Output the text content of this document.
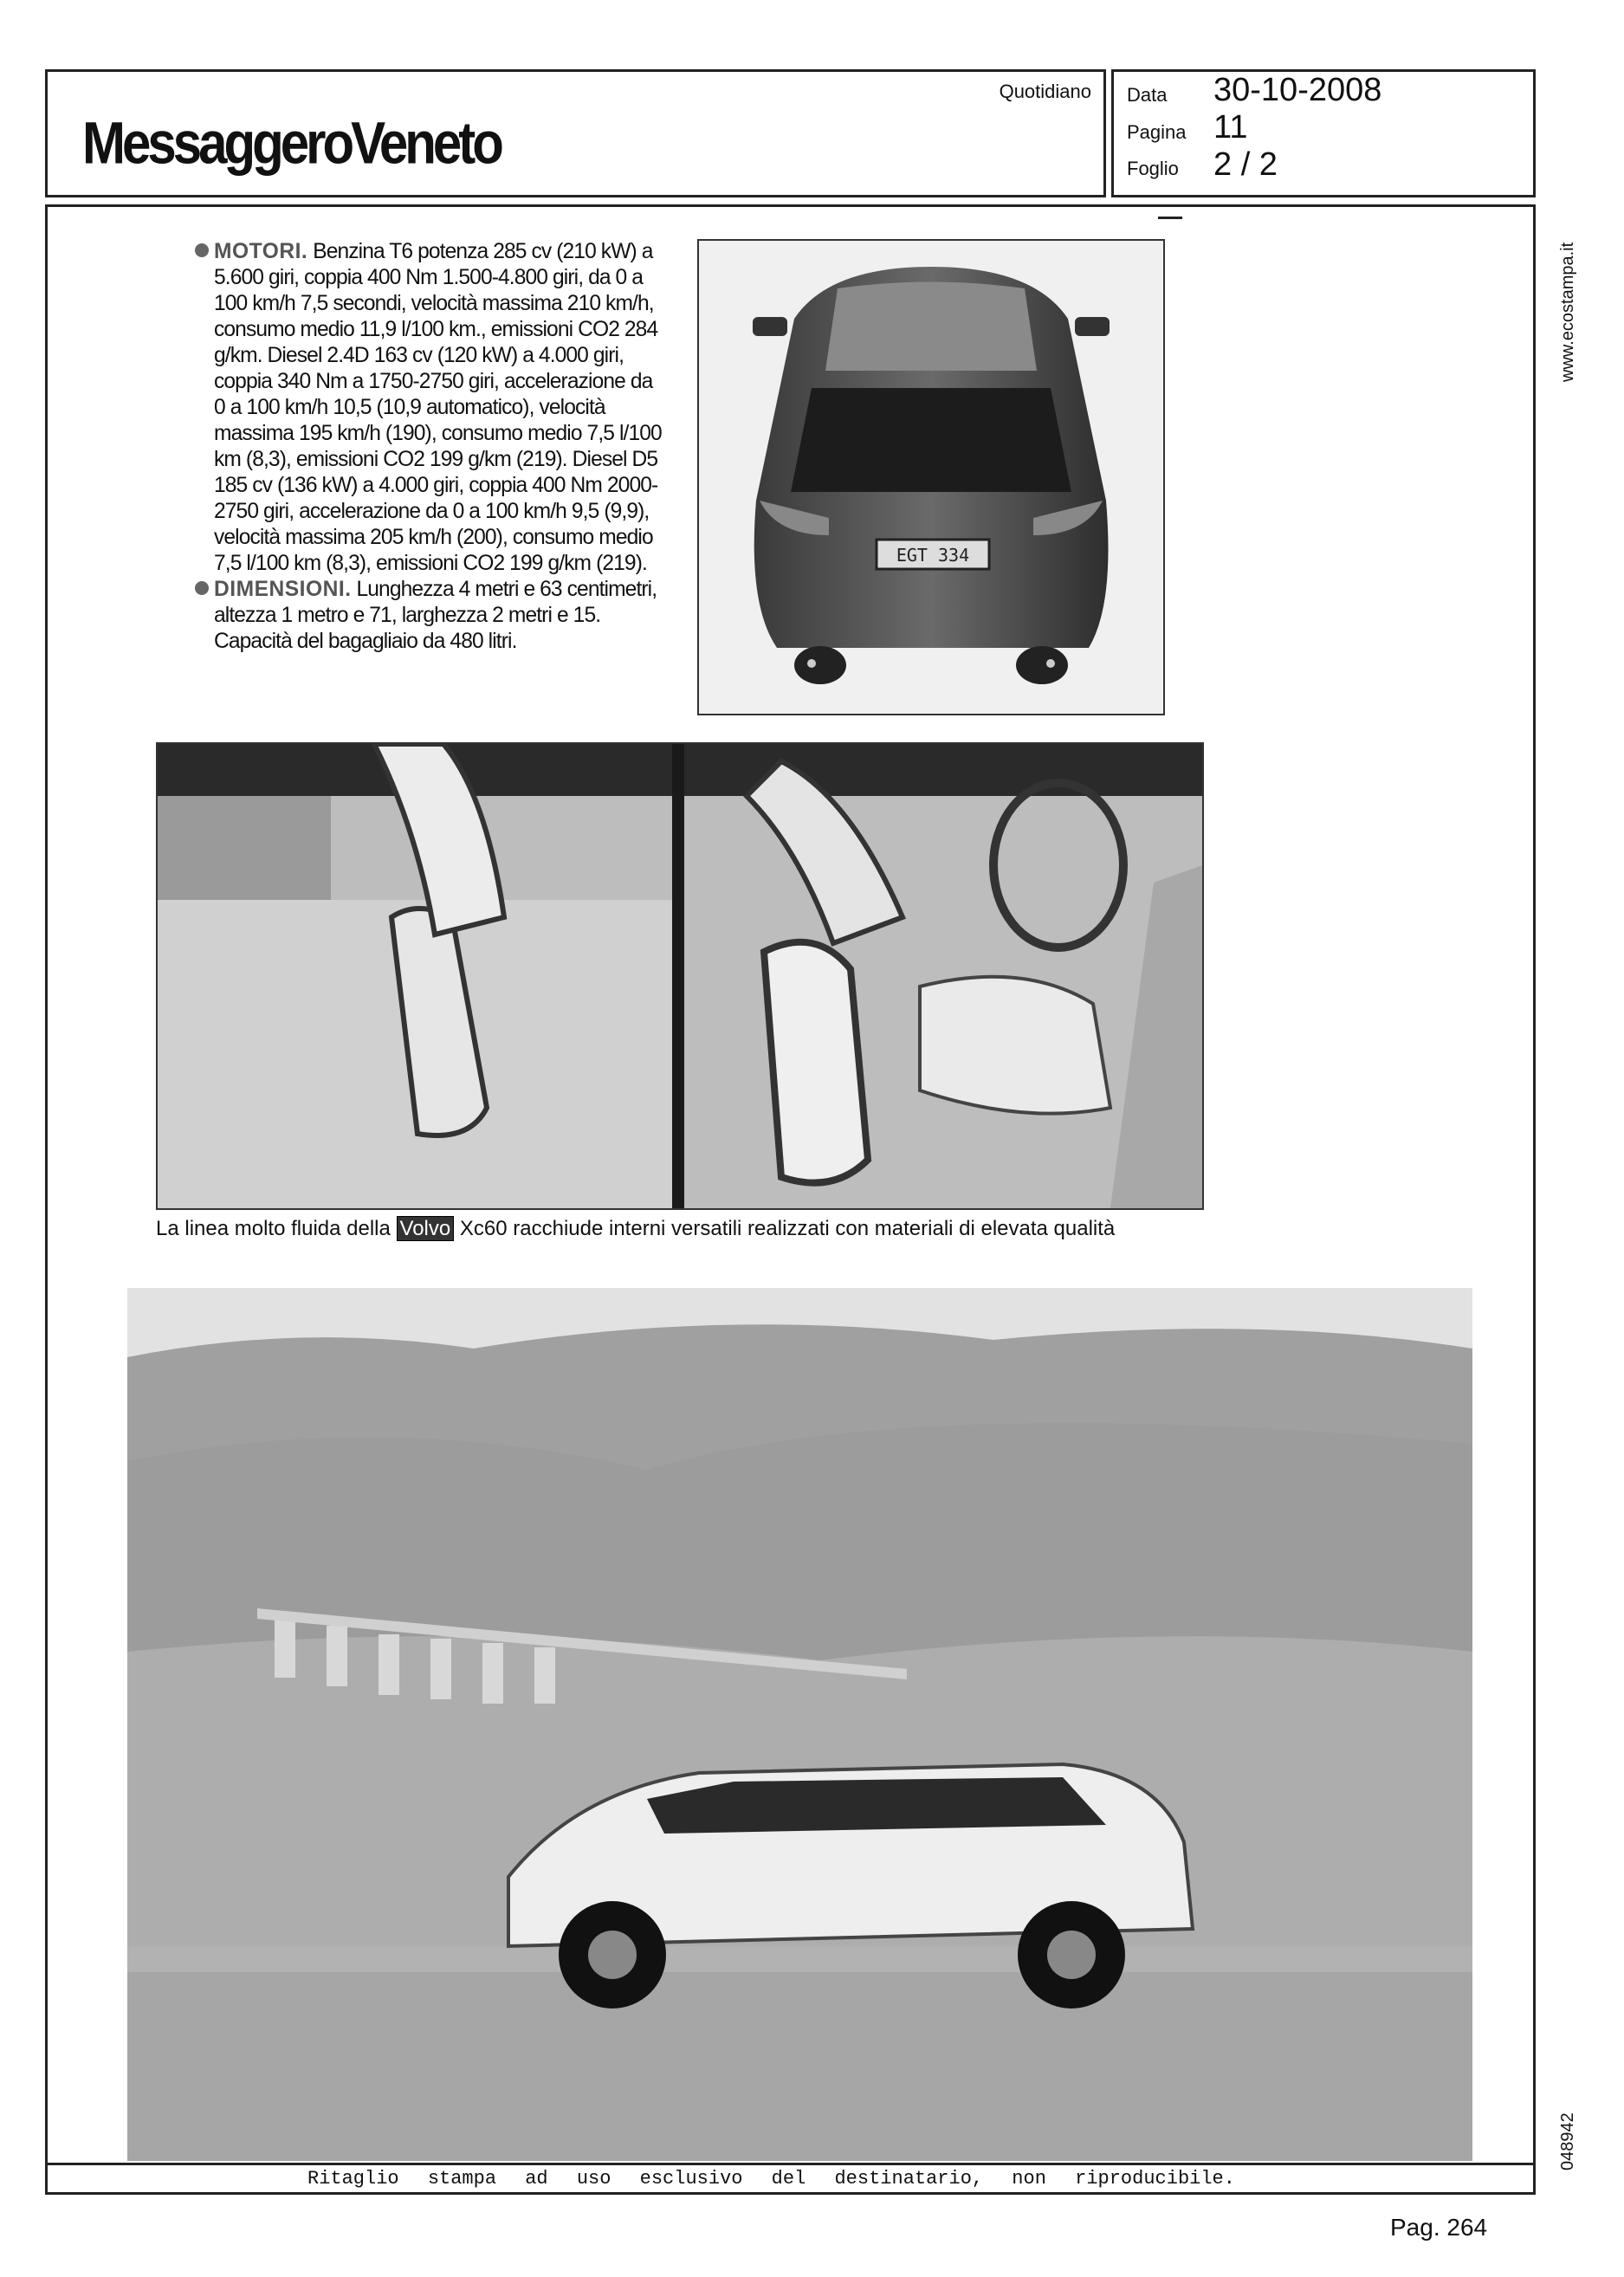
MessaggeroVeneto
Quotidiano Data 30-10-2008
Pagina 11
Foglio 2 / 2
www.ecostampa.it
048942

MOTORI. Benzina T6 potenza 285 cv (210 kW) a 5.600 giri, coppia 400 Nm 1.500-4.800 giri, da 0 a 100 km/h 7,5 secondi, velocità massima 210 km/h, consumo medio 11,9 l/100 km., emissioni CO2 284 g/km. Diesel 2.4D 163 cv (120 kW) a 4.000 giri, coppia 340 Nm a 1750-2750 giri, accelerazione da 0 a 100 km/h 10,5 (10,9 automatico), velocità massima 195 km/h (190), consumo medio 7,5 l/100 km (8,3), emissioni CO2 199 g/km (219). Diesel D5 185 cv (136 kW) a 4.000 giri, coppia 400 Nm 2000-2750 giri, accelerazione da 0 a 100 km/h 9,5 (9,9), velocità massima 205 km/h (200), consumo medio 7,5 l/100 km (8,3), emissioni CO2 199 g/km (219).

DIMENSIONI. Lunghezza 4 metri e 63 centimetri, altezza 1 metro e 71, larghezza 2 metri e 15. Capacità del bagagliaio da 480 litri.

EGT 334
La linea molto fluida della Volvo Xc60 racchiude interni versatili realizzati con materiali di elevata qualità
Ritaglio stampa ad uso esclusivo del destinatario, non riproducibile.
Pag. 264
